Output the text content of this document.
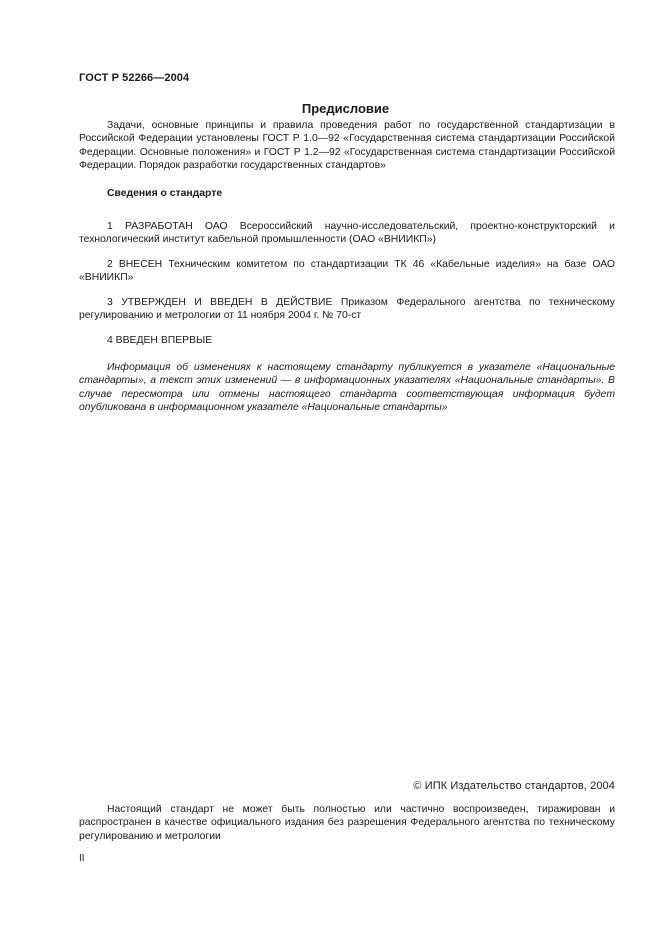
ГОСТ Р 52266—2004
Предисловие

Задачи, основные принципы и правила проведения работ по государственной стандартизации в Российской Федерации установлены ГОСТ Р 1.0—92 «Государственная система стандартизации Российской Федерации. Основные положения» и ГОСТ Р 1.2—92 «Государственная система стандартизации Российской Федерации. Порядок разработки государственных стандартов»

Сведения о стандарте

1 РАЗРАБОТАН ОАО Всероссийский научно-исследовательский, проектно-конструкторский и технологический институт кабельной промышленности (ОАО «ВНИИКП»)

2 ВНЕСЕН Техническим комитетом по стандартизации ТК 46 «Кабельные изделия» на базе ОАО «ВНИИКП»

3 УТВЕРЖДЕН И ВВЕДЕН В ДЕЙСТВИЕ Приказом Федерального агентства по техническому регулированию и метрологии от 11 ноября 2004 г. № 70-ст

4 ВВЕДЕН ВПЕРВЫЕ

Информация об изменениях к настоящему стандарту публикуется в указателе «Национальные стандарты», а текст этих изменений — в информационных указателях «Национальные стандарты». В случае пересмотра или отмены настоящего стандарта соответствующая информация будет опубликована в информационном указателе «Национальные стандарты»

© ИПК Издательство стандартов, 2004

Настоящий стандарт не может быть полностью или частично воспроизведен, тиражирован и распространен в качестве официального издания без разрешения Федерального агентства по техническому регулированию и метрологии

II
